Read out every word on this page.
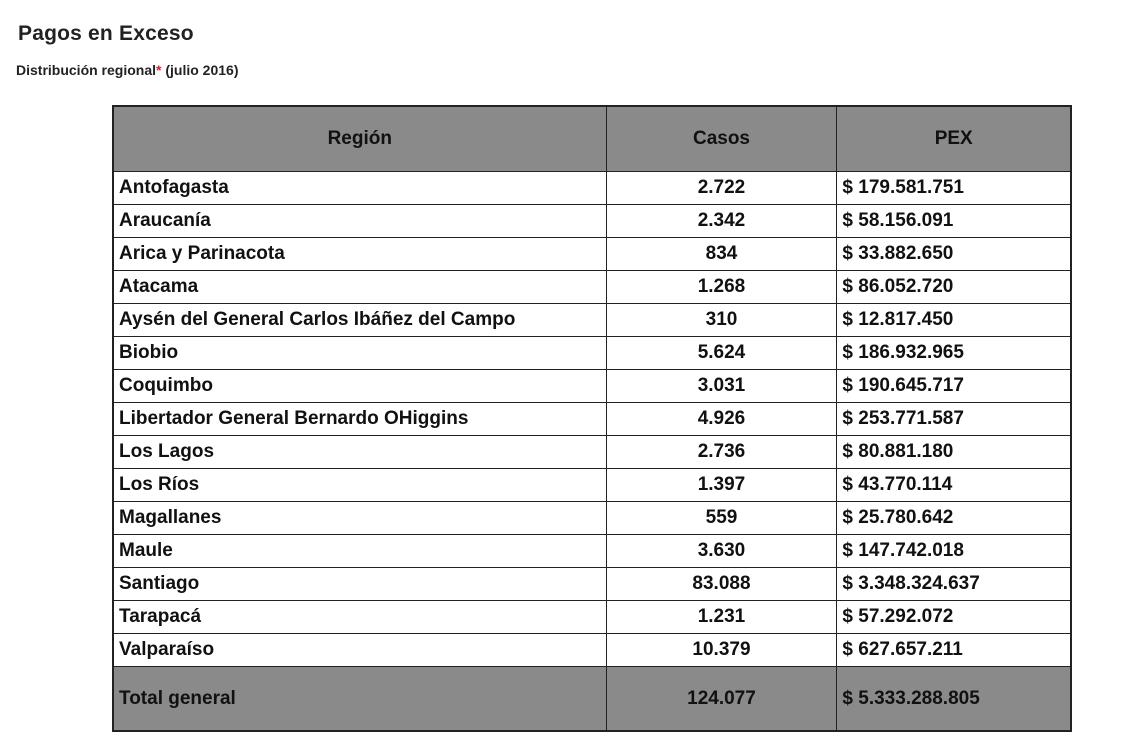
Pagos en Exceso
Distribución regional* (julio 2016)
Región	Casos	PEX
Antofagasta	2.722	$ 179.581.751
Araucanía	2.342	$ 58.156.091
Arica y Parinacota	834	$ 33.882.650
Atacama	1.268	$ 86.052.720
Aysén del General Carlos Ibáñez del Campo	310	$ 12.817.450
Biobio	5.624	$ 186.932.965
Coquimbo	3.031	$ 190.645.717
Libertador General Bernardo OHiggins	4.926	$ 253.771.587
Los Lagos	2.736	$ 80.881.180
Los Ríos	1.397	$ 43.770.114
Magallanes	559	$ 25.780.642
Maule	3.630	$ 147.742.018
Santiago	83.088	$ 3.348.324.637
Tarapacá	1.231	$ 57.292.072
Valparaíso	10.379	$ 627.657.211
Total general	124.077	$ 5.333.288.805
